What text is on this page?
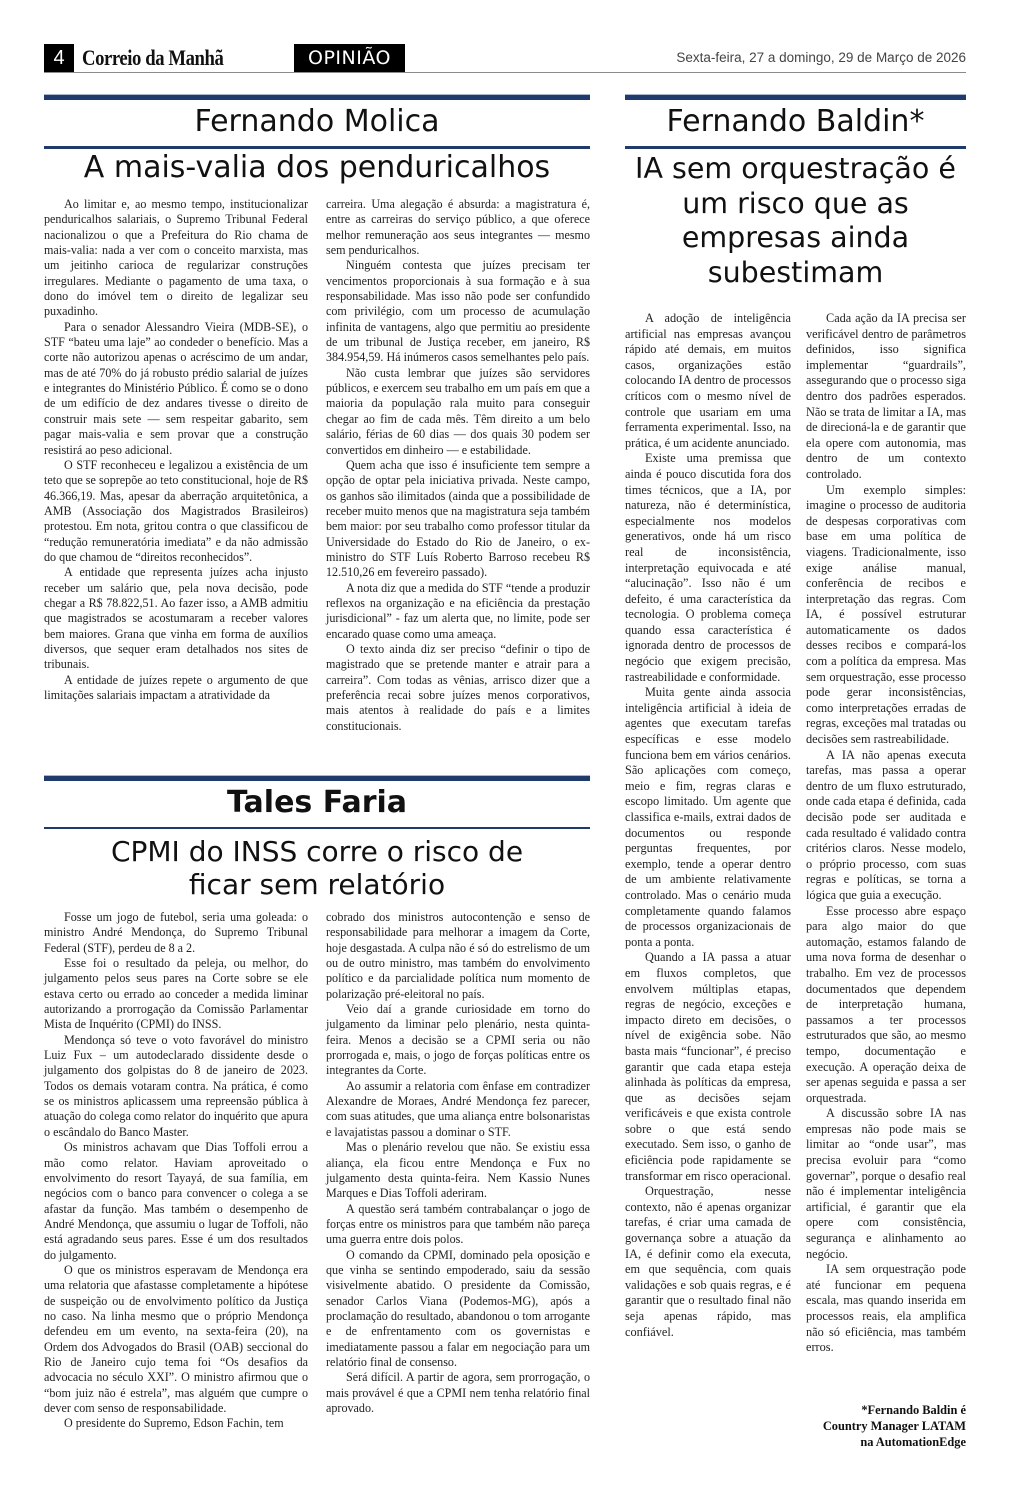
4 Correio da Manhã	OPINIÃO	Sexta-feira, 27 a domingo, 29 de Março de 2026
Fernando Molica
A mais-valia dos penduricalhos

Ao limitar e, ao mesmo tempo, institucionalizar penduricalhos salariais, o Supremo Tribunal Federal nacionalizou o que a Prefeitura do Rio chama de mais-valia: nada a ver com o conceito marxista, mas um jeitinho carioca de regularizar construções irregulares. Mediante o pagamento de uma taxa, o dono do imóvel tem o direito de legalizar seu puxadinho.

Para o senador Alessandro Vieira (MDB-SE), o STF “bateu uma laje” ao condeder o benefício. Mas a corte não autorizou apenas o acréscimo de um andar, mas de até 70% do já robusto prédio salarial de juízes e integrantes do Ministério Público. É como se o dono de um edifício de dez andares tivesse o direito de construir mais sete — sem respeitar gabarito, sem pagar mais-valia e sem provar que a construção resistirá ao peso adicional.

O STF reconheceu e legalizou a existência de um teto que se soprepõe ao teto constitucional, hoje de R$ 46.366,19. Mas, apesar da aberração arquitetônica, a AMB (Associação dos Magistrados Brasileiros) protestou. Em nota, gritou contra o que classificou de “redução remuneratória imediata” e da não admissão do que chamou de “direitos reconhecidos”.

A entidade que representa juízes acha injusto receber um salário que, pela nova decisão, pode chegar a R$ 78.822,51. Ao fazer isso, a AMB admitiu que magistrados se acostumaram a receber valores bem maiores. Grana que vinha em forma de auxílios diversos, que sequer eram detalhados nos sites de tribunais.

A entidade de juízes repete o argumento de que limitações salariais impactam a atratividade da

carreira. Uma alegação é absurda: a magistratura é, entre as carreiras do serviço público, a que oferece melhor remuneração aos seus integrantes — mesmo sem penduricalhos.

Ninguém contesta que juízes precisam ter vencimentos proporcionais à sua formação e à sua responsabilidade. Mas isso não pode ser confundido com privilégio, com um processo de acumulação infinita de vantagens, algo que permitiu ao presidente de um tribunal de Justiça receber, em janeiro, R$ 384.954,59. Há inúmeros casos semelhantes pelo país.

Não custa lembrar que juízes são servidores públicos, e exercem seu trabalho em um país em que a maioria da população rala muito para conseguir chegar ao fim de cada mês. Têm direito a um belo salário, férias de 60 dias — dos quais 30 podem ser convertidos em dinheiro — e estabilidade.

Quem acha que isso é insuficiente tem sempre a opção de optar pela iniciativa privada. Neste campo, os ganhos são ilimitados (ainda que a possibilidade de receber muito menos que na magistratura seja também bem maior: por seu trabalho como professor titular da Universidade do Estado do Rio de Janeiro, o ex-ministro do STF Luís Roberto Barroso recebeu R$ 12.510,26 em fevereiro passado).

A nota diz que a medida do STF “tende a produzir reflexos na organização e na eficiência da prestação jurisdicional” - faz um alerta que, no limite, pode ser encarado quase como uma ameaça.

O texto ainda diz ser preciso “definir o tipo de magistrado que se pretende manter e atrair para a carreira”. Com todas as vênias, arrisco dizer que a preferência recai sobre juízes menos corporativos, mais atentos à realidade do país e a limites constitucionais.

Tales Faria
CPMI do INSS corre o risco de ficar sem relatório

Fosse um jogo de futebol, seria uma goleada: o ministro André Mendonça, do Supremo Tribunal Federal (STF), perdeu de 8 a 2.

Esse foi o resultado da peleja, ou melhor, do julgamento pelos seus pares na Corte sobre se ele estava certo ou errado ao conceder a medida liminar autorizando a prorrogação da Comissão Parlamentar Mista de Inquérito (CPMI) do INSS.

Mendonça só teve o voto favorável do ministro Luiz Fux – um autodeclarado dissidente desde o julgamento dos golpistas do 8 de janeiro de 2023. Todos os demais votaram contra. Na prática, é como se os ministros aplicassem uma repreensão pública à atuação do colega como relator do inquérito que apura o escândalo do Banco Master.

Os ministros achavam que Dias Toffoli errou a mão como relator. Haviam aproveitado o envolvimento do resort Tayayá, de sua família, em negócios com o banco para convencer o colega a se afastar da função. Mas também o desempenho de André Mendonça, que assumiu o lugar de Toffoli, não está agradando seus pares. Esse é um dos resultados do julgamento.

O que os ministros esperavam de Mendonça era uma relatoria que afastasse completamente a hipótese de suspeição ou de envolvimento político da Justiça no caso. Na linha mesmo que o próprio Mendonça defendeu em um evento, na sexta-feira (20), na Ordem dos Advogados do Brasil (OAB) seccional do Rio de Janeiro cujo tema foi “Os desafios da advocacia no século XXI”. O ministro afirmou que o “bom juiz não é estrela”, mas alguém que cumpre o dever com senso de responsabilidade.

O presidente do Supremo, Edson Fachin, tem

cobrado dos ministros autocontenção e senso de responsabilidade para melhorar a imagem da Corte, hoje desgastada. A culpa não é só do estrelismo de um ou de outro ministro, mas também do envolvimento político e da parcialidade política num momento de polarização pré-eleitoral no país.

Veio daí a grande curiosidade em torno do julgamento da liminar pelo plenário, nesta quinta-feira. Menos a decisão se a CPMI seria ou não prorrogada e, mais, o jogo de forças políticas entre os integrantes da Corte.

Ao assumir a relatoria com ênfase em contradizer Alexandre de Moraes, André Mendonça fez parecer, com suas atitudes, que uma aliança entre bolsonaristas e lavajatistas passou a dominar o STF.

Mas o plenário revelou que não. Se existiu essa aliança, ela ficou entre Mendonça e Fux no julgamento desta quinta-feira. Nem Kassio Nunes Marques e Dias Toffoli aderiram.

A questão será também contrabalançar o jogo de forças entre os ministros para que também não pareça uma guerra entre dois polos.

O comando da CPMI, dominado pela oposição e que vinha se sentindo empoderado, saiu da sessão visivelmente abatido. O presidente da Comissão, senador Carlos Viana (Podemos-MG), após a proclamação do resultado, abandonou o tom arrogante e de enfrentamento com os governistas e imediatamente passou a falar em negociação para um relatório final de consenso.

Será difícil. A partir de agora, sem prorrogação, o mais provável é que a CPMI nem tenha relatório final aprovado.

Fernando Baldin*
IA sem orquestração é um risco que as empresas ainda subestimam

A adoção de inteligência artificial nas empresas avançou rápido até demais, em muitos casos, organizações estão colocando IA dentro de processos críticos com o mesmo nível de controle que usariam em uma ferramenta experimental. Isso, na prática, é um acidente anunciado.

Existe uma premissa que ainda é pouco discutida fora dos times técnicos, que a IA, por natureza, não é determinística, especialmente nos modelos generativos, onde há um risco real de inconsistência, interpretação equivocada e até “alucinação”. Isso não é um defeito, é uma característica da tecnologia. O problema começa quando essa característica é ignorada dentro de processos de negócio que exigem precisão, rastreabilidade e conformidade.

Muita gente ainda associa inteligência artificial à ideia de agentes que executam tarefas específicas e esse modelo funciona bem em vários cenários. São aplicações com começo, meio e fim, regras claras e escopo limitado. Um agente que classifica e-mails, extrai dados de documentos ou responde perguntas frequentes, por exemplo, tende a operar dentro de um ambiente relativamente controlado. Mas o cenário muda completamente quando falamos de processos organizacionais de ponta a ponta.

Quando a IA passa a atuar em fluxos completos, que envolvem múltiplas etapas, regras de negócio, exceções e impacto direto em decisões, o nível de exigência sobe. Não basta mais “funcionar”, é preciso garantir que cada etapa esteja alinhada às políticas da empresa, que as decisões sejam verificáveis e que exista controle sobre o que está sendo executado. Sem isso, o ganho de eficiência pode rapidamente se transformar em risco operacional.

Orquestração, nesse contexto, não é apenas organizar tarefas, é criar uma camada de governança sobre a atuação da IA, é definir como ela executa, em que sequência, com quais validações e sob quais regras, e é garantir que o resultado final não seja apenas rápido, mas confiável.

Cada ação da IA precisa ser verificável dentro de parâmetros definidos, isso significa implementar “guardrails”, assegurando que o processo siga dentro dos padrões esperados. Não se trata de limitar a IA, mas de direcioná-la e de garantir que ela opere com autonomia, mas dentro de um contexto controlado.

Um exemplo simples: imagine o processo de auditoria de despesas corporativas com base em uma política de viagens. Tradicionalmente, isso exige análise manual, conferência de recibos e interpretação das regras. Com IA, é possível estruturar automaticamente os dados desses recibos e compará-los com a política da empresa. Mas sem orquestração, esse processo pode gerar inconsistências, como interpretações erradas de regras, exceções mal tratadas ou decisões sem rastreabilidade.

A IA não apenas executa tarefas, mas passa a operar dentro de um fluxo estruturado, onde cada etapa é definida, cada decisão pode ser auditada e cada resultado é validado contra critérios claros. Nesse modelo, o próprio processo, com suas regras e políticas, se torna a lógica que guia a execução.

Esse processo abre espaço para algo maior do que automação, estamos falando de uma nova forma de desenhar o trabalho. Em vez de processos documentados que dependem de interpretação humana, passamos a ter processos estruturados que são, ao mesmo tempo, documentação e execução. A operação deixa de ser apenas seguida e passa a ser orquestrada.

A discussão sobre IA nas empresas não pode mais se limitar ao “onde usar”, mas precisa evoluir para “como governar”, porque o desafio real não é implementar inteligência artificial, é garantir que ela opere com consistência, segurança e alinhamento ao negócio.

IA sem orquestração pode até funcionar em pequena escala, mas quando inserida em processos reais, ela amplifica não só eficiência, mas também erros.

*Fernando Baldin é
Country Manager LATAM
na AutomationEdge
